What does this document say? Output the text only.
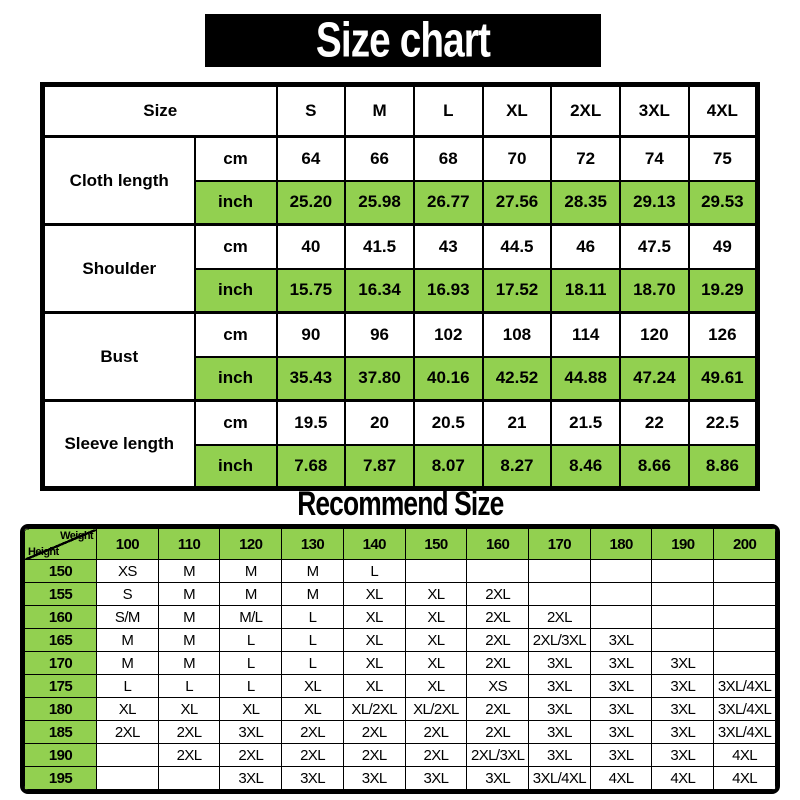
Size chart
Size		S	M	L	XL	2XL	3XL	4XL
Cloth length	cm	64	66	68	70	72	74	75
	inch	25.20	25.98	26.77	27.56	28.35	29.13	29.53
Shoulder	cm	40	41.5	43	44.5	46	47.5	49
	inch	15.75	16.34	16.93	17.52	18.11	18.70	19.29
Bust	cm	90	96	102	108	114	120	126
	inch	35.43	37.80	40.16	42.52	44.88	47.24	49.61
Sleeve length	cm	19.5	20	20.5	21	21.5	22	22.5
	inch	7.68	7.87	8.07	8.27	8.46	8.66	8.86
Recommend Size
Weight
Height	100	110	120	130	140	150	160	170	180	190	200
150	XS	M	M	M	L						
155	S	M	M	M	XL	XL	2XL				
160	S/M	M	M/L	L	XL	XL	2XL	2XL			
165	M	M	L	L	XL	XL	2XL	2XL/3XL	3XL		
170	M	M	L	L	XL	XL	2XL	3XL	3XL	3XL	
175	L	L	L	XL	XL	XL	XS	3XL	3XL	3XL	3XL/4XL
180	XL	XL	XL	XL	XL/2XL	XL/2XL	2XL	3XL	3XL	3XL	3XL/4XL
185	2XL	2XL	3XL	2XL	2XL	2XL	2XL	3XL	3XL	3XL	3XL/4XL
190		2XL	2XL	2XL	2XL	2XL	2XL/3XL	3XL	3XL	3XL	4XL
195			3XL	3XL	3XL	3XL	3XL	3XL/4XL	4XL	4XL	4XL
